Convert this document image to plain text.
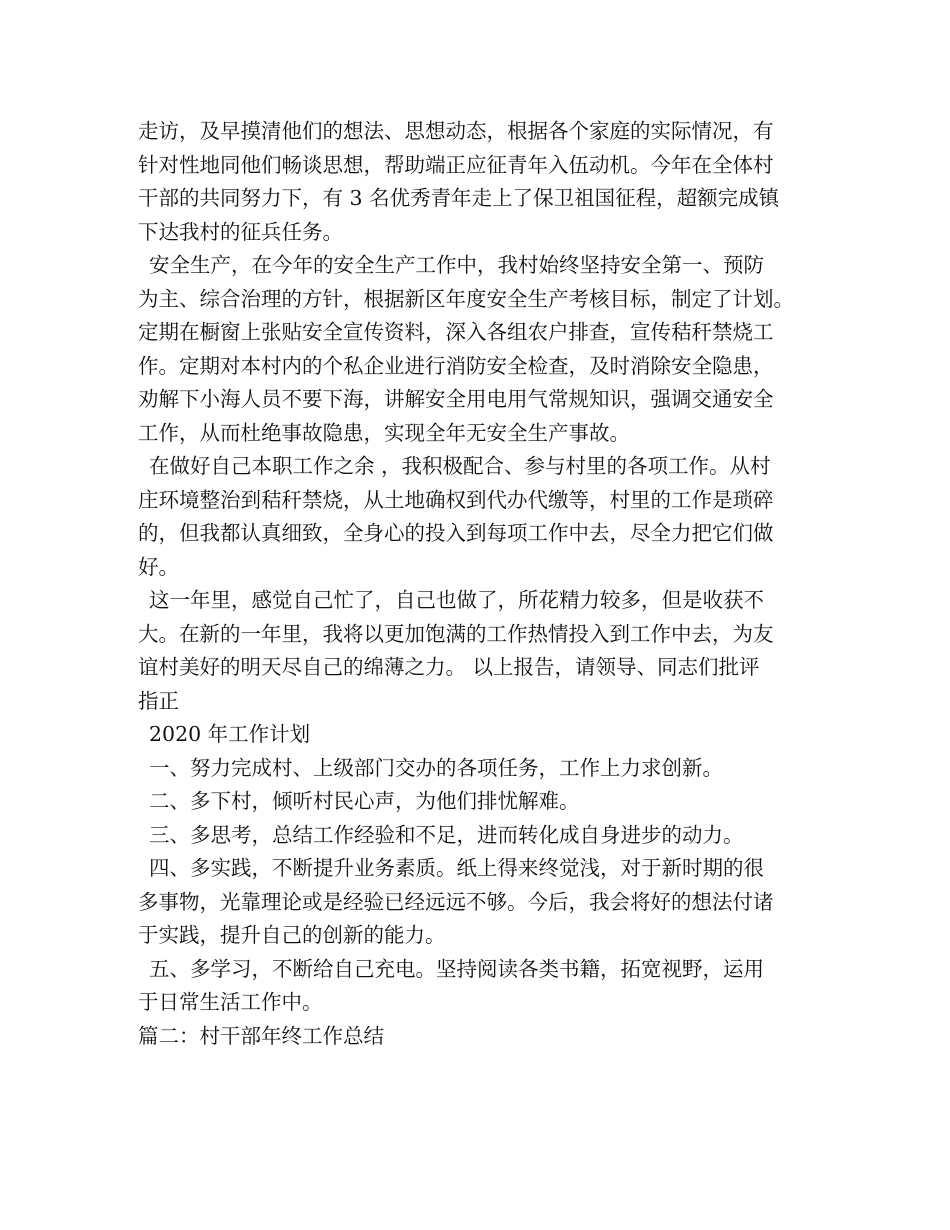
走访，及早摸清他们的想法、思想动态，根据各个家庭的实际情况，有
针对性地同他们畅谈思想，帮助端正应征青年入伍动机。今年在全体村
干部的共同努力下，有 3 名优秀青年走上了保卫祖国征程，超额完成镇
下达我村的征兵任务。

安全生产，在今年的安全生产工作中，我村始终坚持安全第一、预防
为主、综合治理的方针，根据新区年度安全生产考核目标，制定了计划。
定期在橱窗上张贴安全宣传资料，深入各组农户排查，宣传秸秆禁烧工
作。定期对本村内的个私企业进行消防安全检查，及时消除安全隐患，
劝解下小海人员不要下海，讲解安全用电用气常规知识，强调交通安全
工作，从而杜绝事故隐患，实现全年无安全生产事故。

在做好自己本职工作之余 ，我积极配合、参与村里的各项工作。从村
庄环境整治到秸秆禁烧，从土地确权到代办代缴等，村里的工作是琐碎
的，但我都认真细致，全身心的投入到每项工作中去，尽全力把它们做
好。

这一年里，感觉自己忙了，自己也做了，所花精力较多，但是收获不
大。在新的一年里，我将以更加饱满的工作热情投入到工作中去，为友
谊村美好的明天尽自己的绵薄之力。 以上报告，请领导、同志们批评
指正

2020 年工作计划

一、努力完成村、上级部门交办的各项任务，工作上力求创新。

二、多下村，倾听村民心声，为他们排忧解难。

三、多思考，总结工作经验和不足，进而转化成自身进步的动力。

四、多实践，不断提升业务素质。纸上得来终觉浅，对于新时期的很
多事物，光靠理论或是经验已经远远不够。今后，我会将好的想法付诸
于实践，提升自己的创新的能力。

五、多学习，不断给自己充电。坚持阅读各类书籍，拓宽视野，运用
于日常生活工作中。

篇二：村干部年终工作总结
